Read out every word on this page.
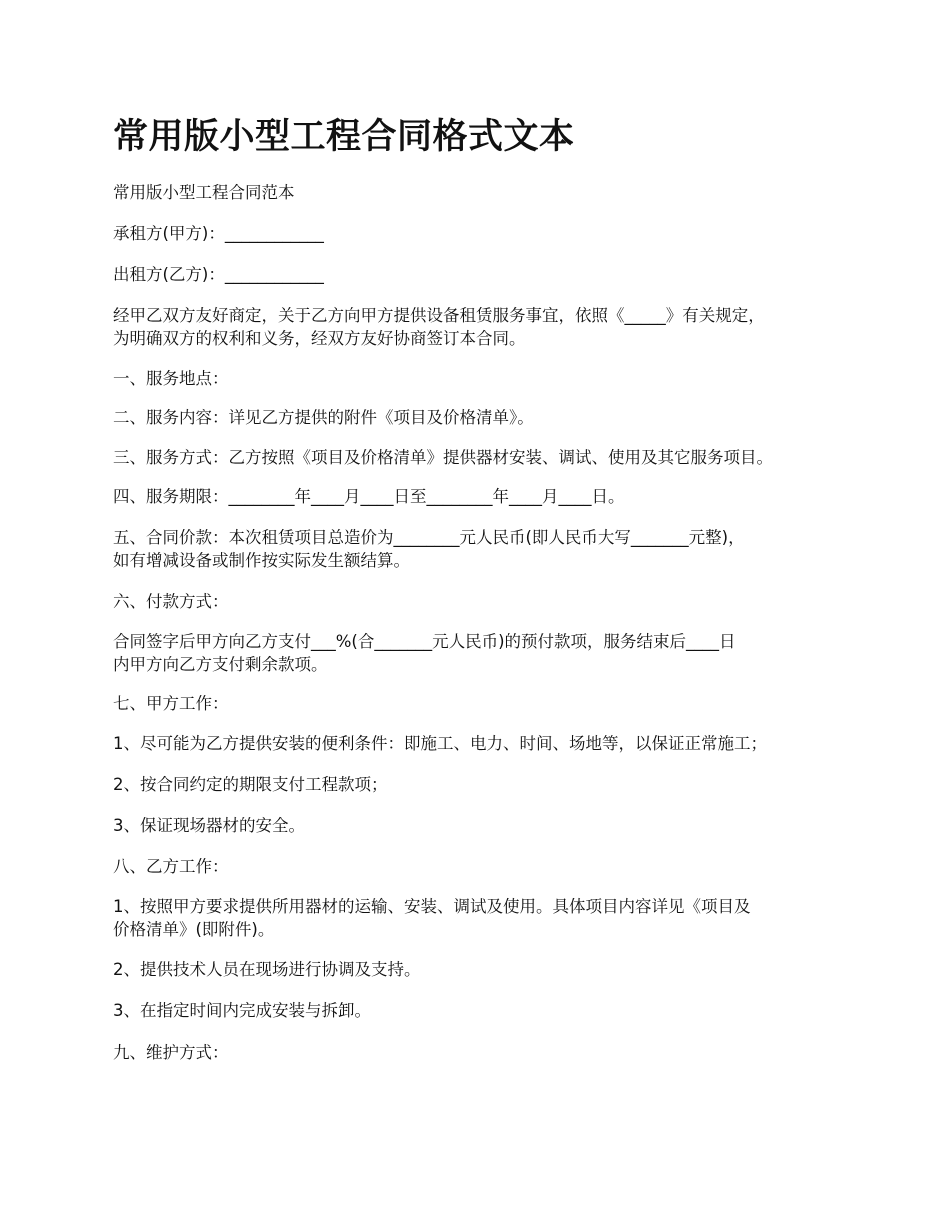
常用版小型工程合同格式文本

常用版小型工程合同范本

承租方(甲方)：____________

出租方(乙方)：____________

经甲乙双方友好商定，关于乙方向甲方提供设备租赁服务事宜，依照《_____》有关规定，
为明确双方的权利和义务，经双方友好协商签订本合同。

一、服务地点：

二、服务内容：详见乙方提供的附件《项目及价格清单》。

三、服务方式：乙方按照《项目及价格清单》提供器材安装、调试、使用及其它服务项目。

四、服务期限：________年____月____日至________年____月____日。

五、合同价款：本次租赁项目总造价为________元人民币(即人民币大写_______元整)，
如有增减设备或制作按实际发生额结算。

六、付款方式：

合同签字后甲方向乙方支付___%(合_______元人民币)的预付款项，服务结束后____日
内甲方向乙方支付剩余款项。

七、甲方工作：

1、尽可能为乙方提供安装的便利条件：即施工、电力、时间、场地等，以保证正常施工；

2、按合同约定的期限支付工程款项；

3、保证现场器材的安全。

八、乙方工作：

1、按照甲方要求提供所用器材的运输、安装、调试及使用。具体项目内容详见《项目及
价格清单》(即附件)。

2、提供技术人员在现场进行协调及支持。

3、在指定时间内完成安装与拆卸。

九、维护方式：
